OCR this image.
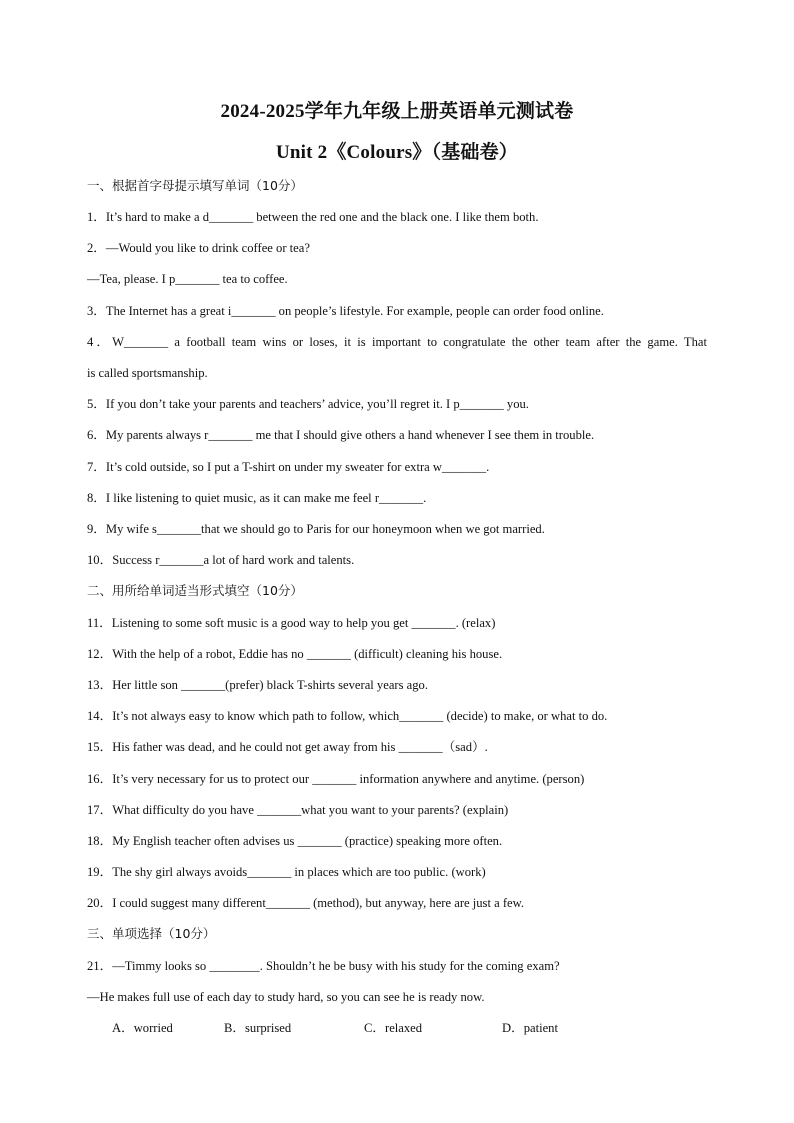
2024-2025学年九年级上册英语单元测试卷
Unit 2《Colours》（基础卷）
一、根据首字母提示填写单词（10分）
1．It’s hard to make a d_______ between the red one and the black one. I like them both.
2．—Would you like to drink coffee or tea?
—Tea, please. I p_______ tea to coffee.
3．The Internet has a great i_______ on people’s lifestyle. For example, people can order food online.
4．W_______ a football team wins or loses, it is important to congratulate the other team after the game. That
is called sportsmanship.
5．If you don’t take your parents and teachers’ advice, you’ll regret it. I p_______ you.
6．My parents always r_______ me that I should give others a hand whenever I see them in trouble.
7．It’s cold outside, so I put a T-shirt on under my sweater for extra w_______.
8．I like listening to quiet music, as it can make me feel r_______.
9．My wife s_______that we should go to Paris for our honeymoon when we got married.
10．Success r_______a lot of hard work and talents.
二、用所给单词适当形式填空（10分）
11．Listening to some soft music is a good way to help you get _______. (relax)
12．With the help of a robot, Eddie has no _______ (difficult) cleaning his house.
13．Her little son _______(prefer) black T-shirts several years ago.
14．It’s not always easy to know which path to follow, which_______ (decide) to make, or what to do.
15．His father was dead, and he could not get away from his _______（sad）.
16．It’s very necessary for us to protect our _______ information anywhere and anytime. (person)
17．What difficulty do you have _______what you want to your parents? (explain)
18．My English teacher often advises us _______ (practice) speaking more often.
19．The shy girl always avoids_______ in places which are too public. (work)
20．I could suggest many different_______ (method), but anyway, here are just a few.
三、单项选择（10分）
21．—Timmy looks so ________. Shouldn’t he be busy with his study for the coming exam?
—He makes full use of each day to study hard, so you can see he is ready now.
A．worried	B．surprised	C．relaxed	D．patient
